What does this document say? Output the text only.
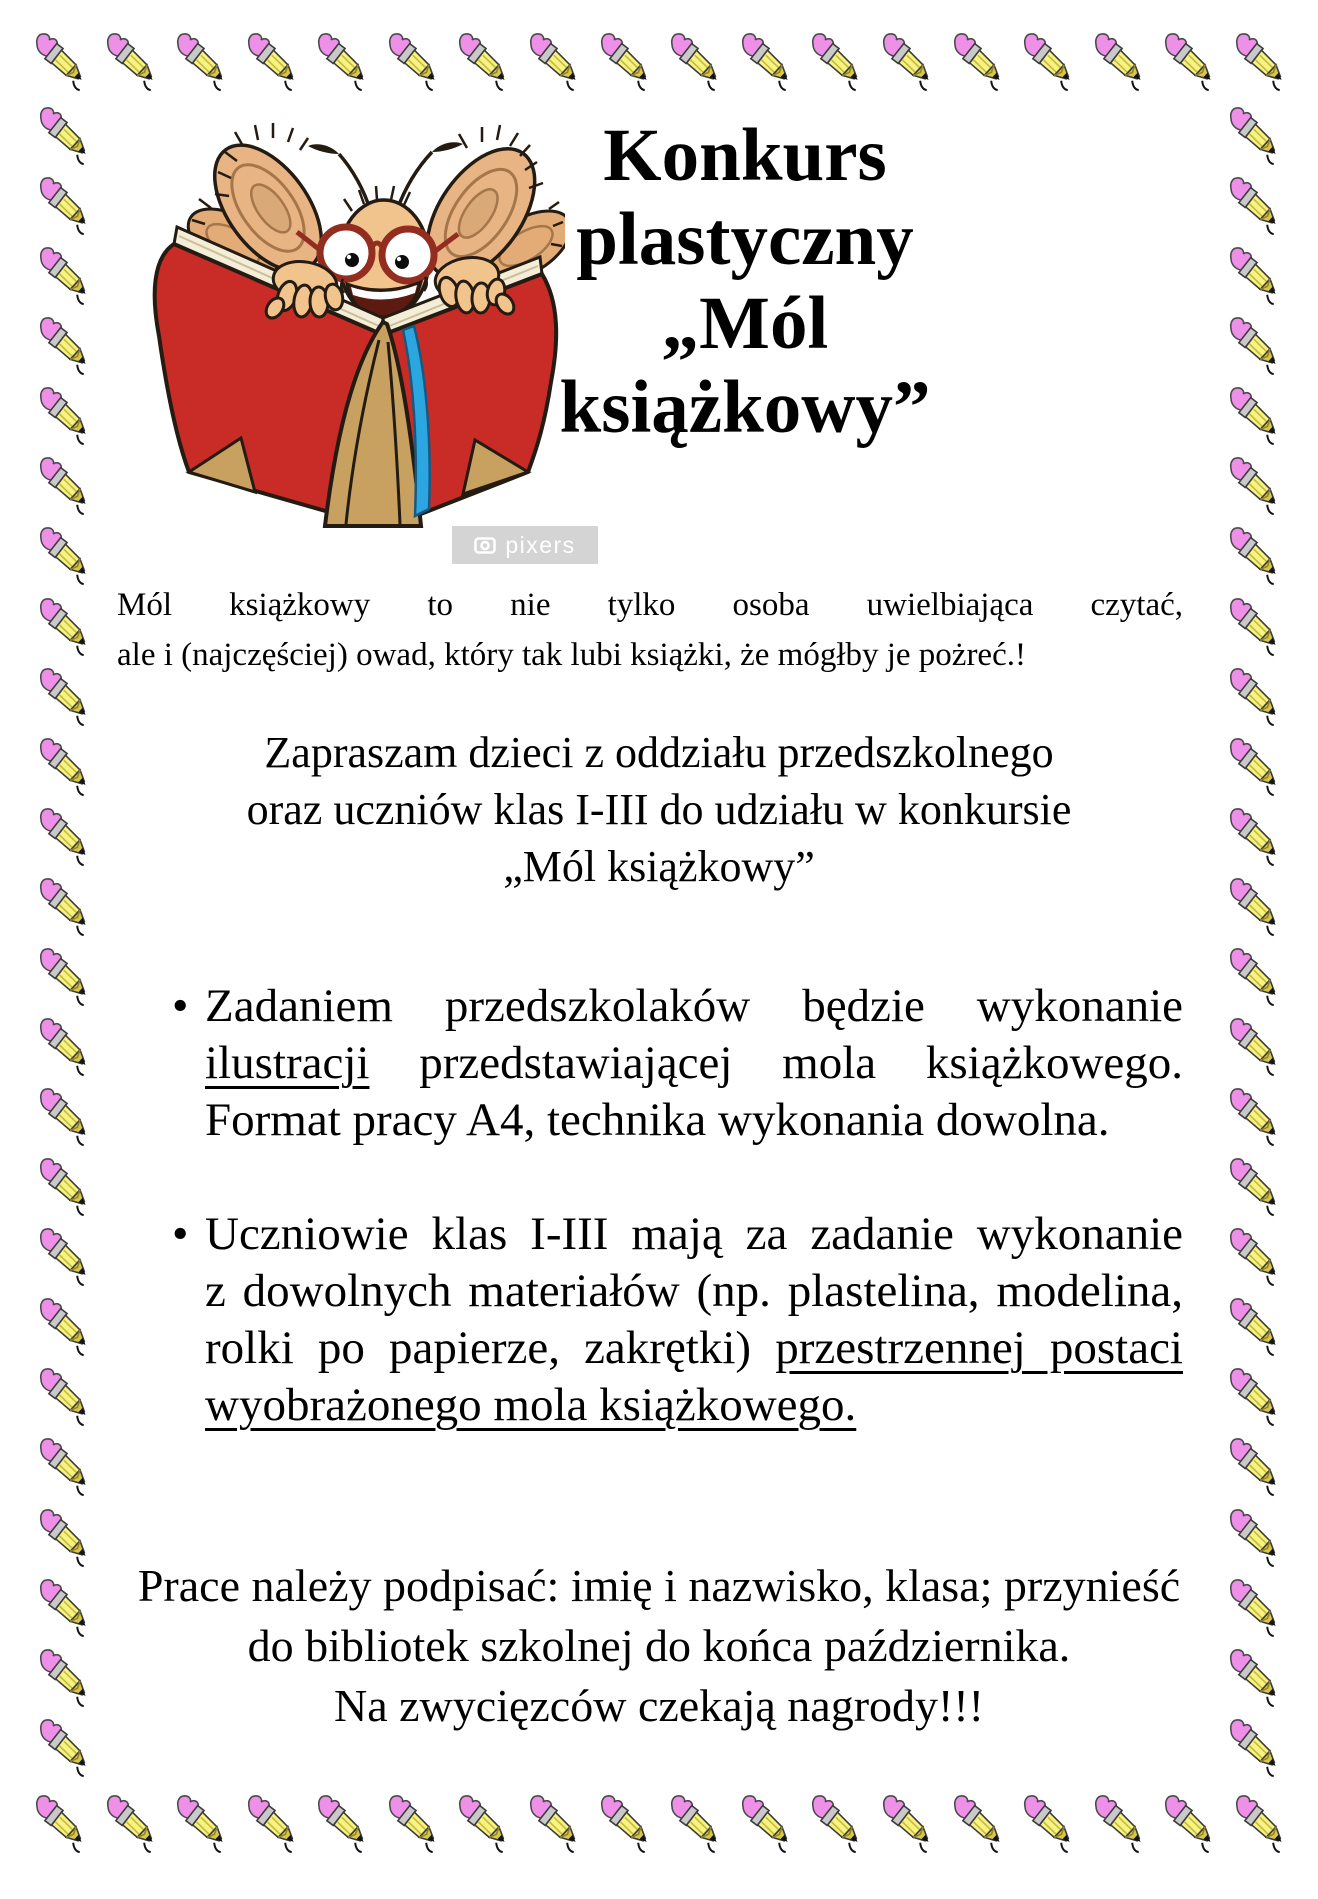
pixers
Konkurs
plastyczny
„Mól
książkowy”
Mól książkowy to nie tylko osoba uwielbiająca czytać,
ale i (najczęściej) owad, który tak lubi książki, że mógłby je pożreć.!
Zapraszam dzieci z oddziału przedszkolnego
oraz uczniów klas I-III do udziału w konkursie
„Mól książkowy”
• Zadaniem przedszkolaków będzie wykonanie
ilustracji przedstawiającej mola książkowego.
Format pracy A4, technika wykonania dowolna.
• Uczniowie klas I-III mają za zadanie wykonanie
z dowolnych materiałów (np. plastelina, modelina,
rolki po papierze, zakrętki) przestrzennej postaci
wyobrażonego mola książkowego.
Prace należy podpisać: imię i nazwisko, klasa; przynieść
do bibliotek szkolnej do końca października.
Na zwycięzców czekają nagrody!!!
